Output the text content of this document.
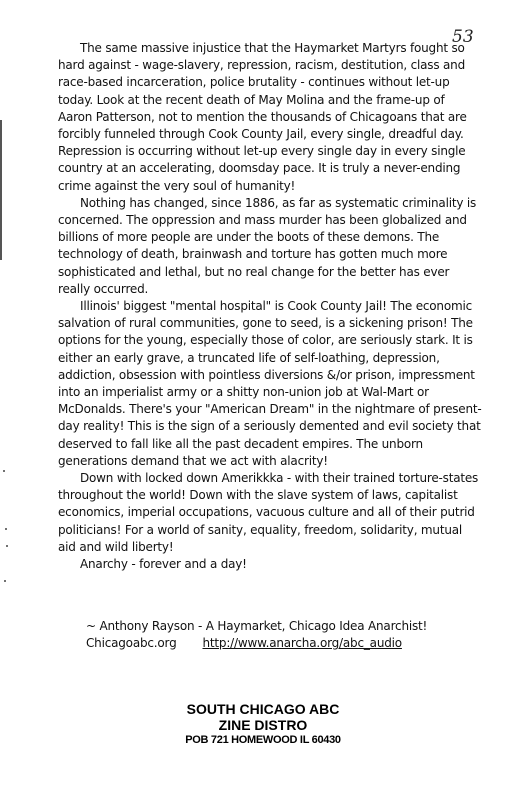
53

The same massive injustice that the Haymarket Martyrs fought so hard against - wage-slavery, repression, racism, destitution, class and race-based incarceration, police brutality - continues without let-up today. Look at the recent death of May Molina and the frame-up of Aaron Patterson, not to mention the thousands of Chicagoans that are forcibly funneled through Cook County Jail, every single, dreadful day. Repression is occurring without let-up every single day in every single country at an accelerating, doomsday pace. It is truly a never-ending crime against the very soul of humanity!

Nothing has changed, since 1886, as far as systematic criminality is concerned. The oppression and mass murder has been globalized and billions of more people are under the boots of these demons. The technology of death, brainwash and torture has gotten much more sophisticated and lethal, but no real change for the better has ever really occurred.

Illinois' biggest "mental hospital" is Cook County Jail! The economic salvation of rural communities, gone to seed, is a sickening prison! The options for the young, especially those of color, are seriously stark. It is either an early grave, a truncated life of self-loathing, depression, addiction, obsession with pointless diversions &/or prison, impressment into an imperialist army or a shitty non-union job at Wal-Mart or McDonalds. There's your "American Dream" in the nightmare of present-day reality! This is the sign of a seriously demented and evil society that deserved to fall like all the past decadent empires. The unborn generations demand that we act with alacrity!

Down with locked down Amerikkka - with their trained torture-states throughout the world! Down with the slave system of laws, capitalist economics, imperial occupations, vacuous culture and all of their putrid politicians! For a world of sanity, equality, freedom, solidarity, mutual aid and wild liberty!

Anarchy - forever and a day!

~ Anthony Rayson - A Haymarket, Chicago Idea Anarchist!
Chicagoabc.org http://www.anarcha.org/abc_audio
SOUTH CHICAGO ABC
ZINE DISTRO
POB 721 HOMEWOOD IL 60430
